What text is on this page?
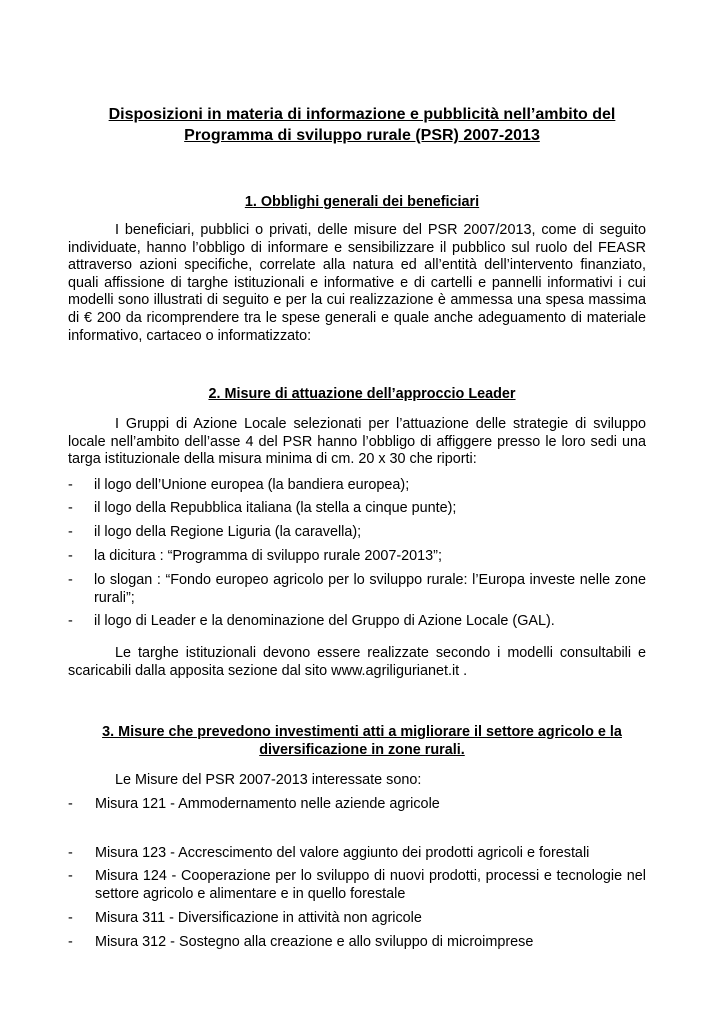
Disposizioni in materia di informazione e pubblicità nell’ambito del Programma di sviluppo rurale (PSR) 2007-2013
1. Obblighi generali dei beneficiari

I beneficiari, pubblici o privati, delle misure del PSR 2007/2013, come di seguito individuate, hanno l’obbligo di informare e sensibilizzare il pubblico sul ruolo del FEASR attraverso azioni specifiche, correlate alla natura ed all’entità dell’intervento finanziato, quali affissione di targhe istituzionali e informative e di cartelli e pannelli informativi i cui modelli sono illustrati di seguito e per la cui realizzazione è ammessa una spesa massima di € 200 da ricomprendere tra le spese generali e quale anche adeguamento di materiale informativo, cartaceo o informatizzato:

2. Misure di attuazione dell’approccio Leader

I Gruppi di Azione Locale selezionati per l’attuazione delle strategie di sviluppo locale nell’ambito dell’asse 4 del PSR hanno l’obbligo di affiggere presso le loro sedi una targa istituzionale della misura minima di cm. 20 x 30 che riporti:

- il logo dell’Unione europea (la bandiera europea);
- il logo della Repubblica italiana (la stella a cinque punte);
- il logo della Regione Liguria (la caravella);
- la dicitura : “Programma di sviluppo rurale 2007-2013”;
- lo slogan : “Fondo europeo agricolo per lo sviluppo rurale: l’Europa investe nelle zone rurali”;
- il logo di Leader e la denominazione del Gruppo di Azione Locale (GAL).

Le targhe istituzionali devono essere realizzate secondo i modelli consultabili e scaricabili dalla apposita sezione dal sito www.agriligurianet.it .

3. Misure che prevedono investimenti atti a migliorare il settore agricolo e la
diversificazione in zone rurali.

Le Misure del PSR 2007-2013 interessate sono:

- Misura 121 - Ammodernamento nelle aziende agricole
- Misura 123 - Accrescimento del valore aggiunto dei prodotti agricoli e forestali
- Misura 124 - Cooperazione per lo sviluppo di nuovi prodotti, processi e tecnologie nel settore agricolo e alimentare e in quello forestale
- Misura 311 - Diversificazione in attività non agricole
- Misura 312 - Sostegno alla creazione e allo sviluppo di microimprese
